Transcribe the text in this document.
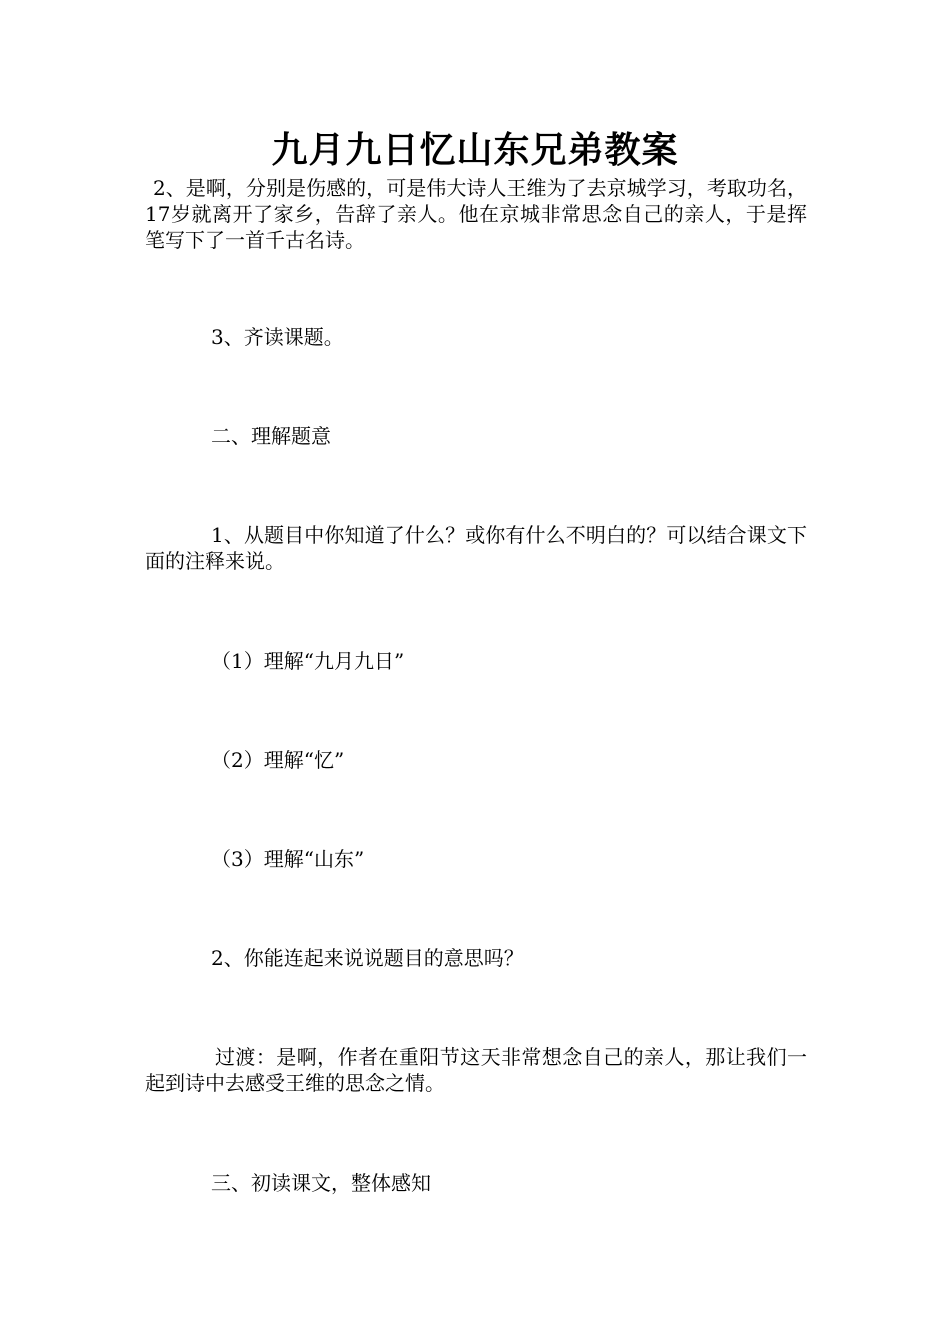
九月九日忆山东兄弟教案

2、是啊，分别是伤感的，可是伟大诗人王维为了去京城学习，考取功名，17岁就离开了家乡，告辞了亲人。他在京城非常思念自己的亲人，于是挥笔写下了一首千古名诗。

3、齐读课题。

二、理解题意

1、从题目中你知道了什么？或你有什么不明白的？可以结合课文下面的注释来说。

（1）理解“九月九日”

（2）理解“忆”

（3）理解“山东”

2、你能连起来说说题目的意思吗？

过渡：是啊，作者在重阳节这天非常想念自己的亲人，那让我们一起到诗中去感受王维的思念之情。

三、初读课文，整体感知
